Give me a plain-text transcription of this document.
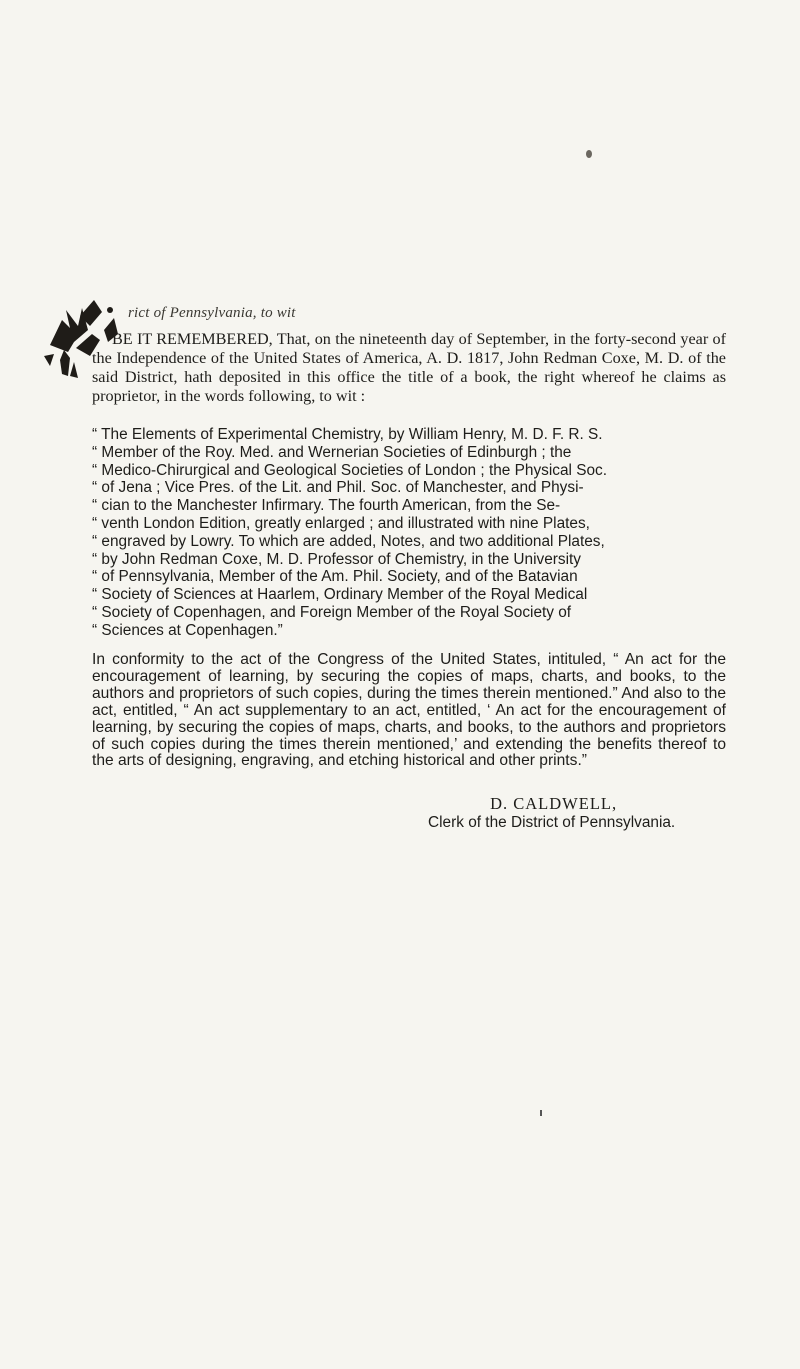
rict of Pennsylvania, to wit
BE IT REMEMBERED, That, on the nineteenth day of September, in the forty-second year of the Independence of the United States of America, A. D. 1817, John Redman Coxe, M. D. of the said District, hath deposited in this office the title of a book, the right whereof he claims as proprietor, in the words following, to wit :
“ The Elements of Experimental Chemistry, by William Henry, M. D. F. R. S.
“ Member of the Roy. Med. and Wernerian Societies of Edinburgh ; the
“ Medico-Chirurgical and Geological Societies of London ; the Physical Soc.
“ of Jena ; Vice Pres. of the Lit. and Phil. Soc. of Manchester, and Physi-
“ cian to the Manchester Infirmary. The fourth American, from the Se-
“ venth London Edition, greatly enlarged ; and illustrated with nine Plates,
“ engraved by Lowry. To which are added, Notes, and two additional Plates,
“ by John Redman Coxe, M. D. Professor of Chemistry, in the University
“ of Pennsylvania, Member of the Am. Phil. Society, and of the Batavian
“ Society of Sciences at Haarlem, Ordinary Member of the Royal Medical
“ Society of Copenhagen, and Foreign Member of the Royal Society of
“ Sciences at Copenhagen.”
In conformity to the act of the Congress of the United States, intituled, “ An act for the encouragement of learning, by securing the copies of maps, charts, and books, to the authors and proprietors of such copies, during the times therein mentioned.” And also to the act, entitled, “ An act supplementary to an act, entitled, ‘ An act for the encouragement of learning, by securing the copies of maps, charts, and books, to the authors and proprietors of such copies during the times therein mentioned,’ and extending the benefits thereof to the arts of designing, engraving, and etching historical and other prints.”
D. CALDWELL,
Clerk of the District of Pennsylvania.
